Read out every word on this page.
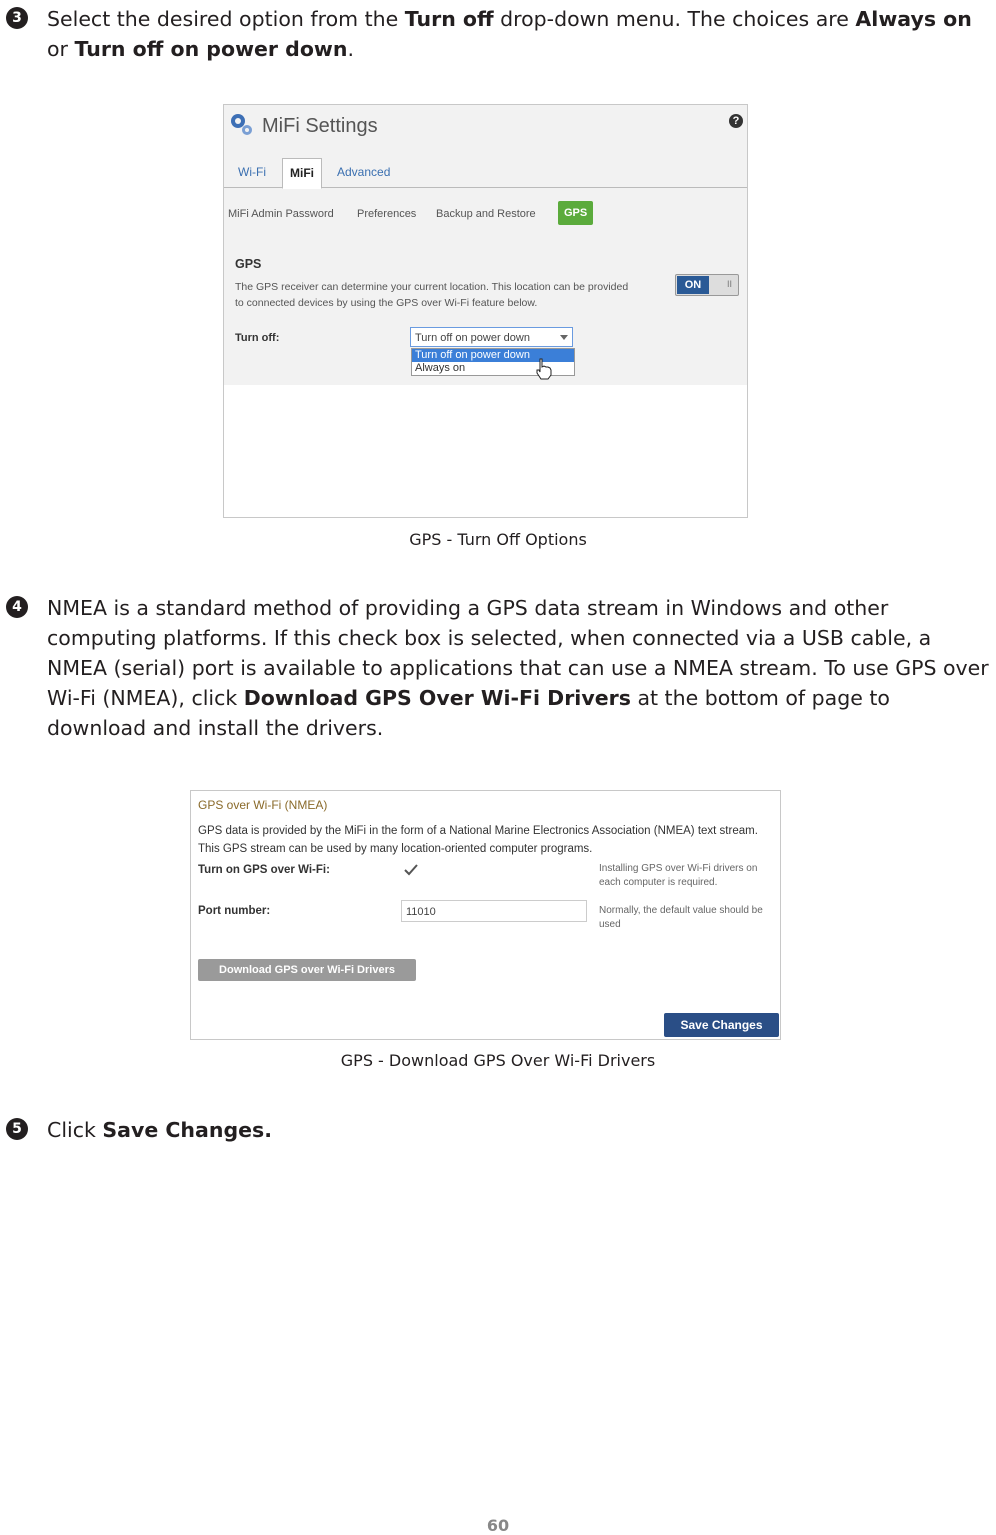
3 Select the desired option from the Turn off drop-down menu. The choices are Always on or Turn off on power down.
MiFi Settings	?
Wi-Fi	MiFi	Advanced
MiFi Admin Password Preferences Backup and Restore	GPS
GPS
The GPS receiver can determine your current location. This location can be provided to connected devices by using the GPS over Wi-Fi feature below.
ON	II
Turn off:	Turn off on power down
Turn off on power down
Always on
GPS - Turn Off Options
4 NMEA is a standard method of providing a GPS data stream in Windows and other computing platforms. If this check box is selected, when connected via a USB cable, a NMEA (serial) port is available to applications that can use a NMEA stream. To use GPS over Wi-Fi (NMEA), click Download GPS Over Wi-Fi Drivers at the bottom of page to download and install the drivers.
GPS over Wi-Fi (NMEA)
GPS data is provided by the MiFi in the form of a National Marine Electronics Association (NMEA) text stream. This GPS stream can be used by many location-oriented computer programs.
Turn on GPS over Wi-Fi:	Installing GPS over Wi-Fi drivers on each computer is required.
Port number:	11010	Normally, the default value should be used
Download GPS over Wi-Fi Drivers
Save Changes
GPS - Download GPS Over Wi-Fi Drivers
5 Click Save Changes.
60
